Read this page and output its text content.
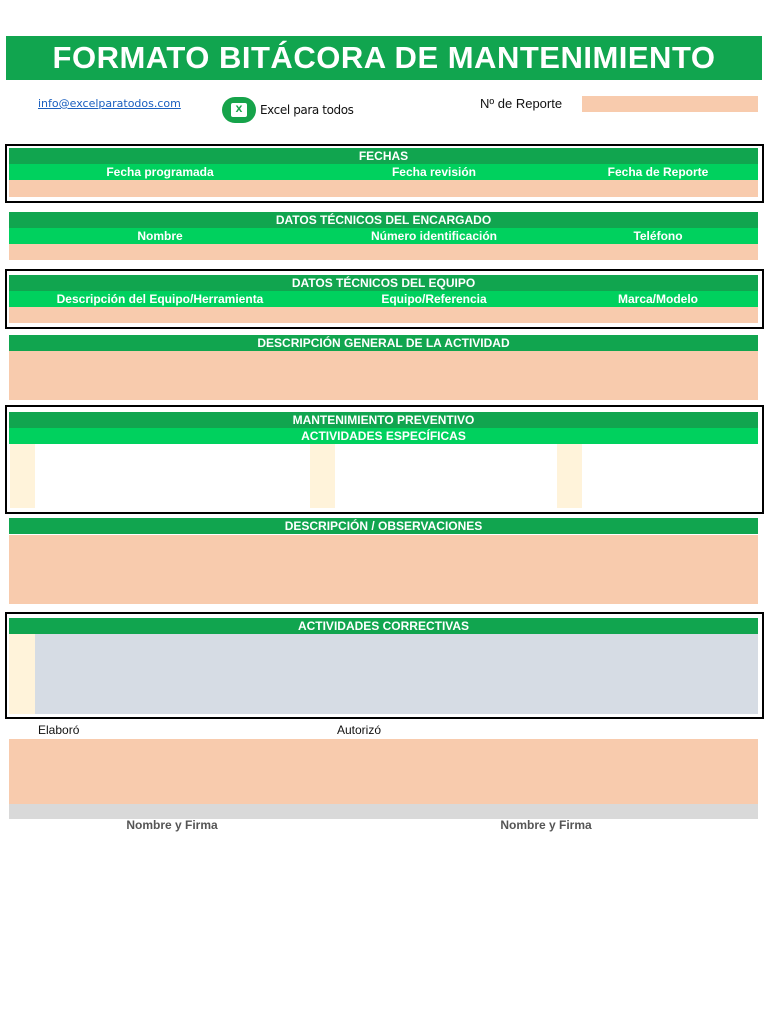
FORMATO BITÁCORA DE MANTENIMIENTO
info@excelparatodos.com	X	Excel para todos	Nº de Reporte
FECHAS
Fecha programada	Fecha revisión	Fecha de Reporte
DATOS TÉCNICOS DEL ENCARGADO
Nombre	Número identificación	Teléfono
DATOS TÉCNICOS DEL EQUIPO
Descripción del Equipo/Herramienta	Equipo/Referencia	Marca/Modelo
DESCRIPCIÓN GENERAL DE LA ACTIVIDAD
MANTENIMIENTO PREVENTIVO
ACTIVIDADES ESPECÍFICAS
DESCRIPCIÓN / OBSERVACIONES
ACTIVIDADES CORRECTIVAS
Elaboró	Autorizó
Nombre y Firma	Nombre y Firma
